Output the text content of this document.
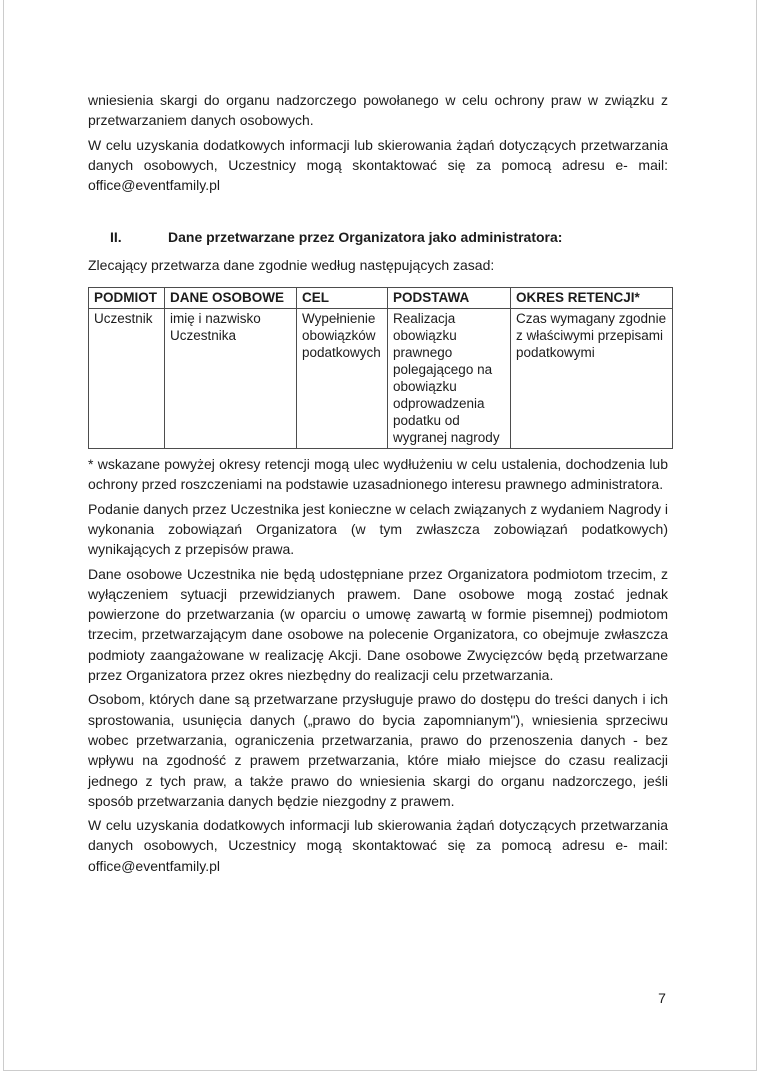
wniesienia skargi do organu nadzorczego powołanego w celu ochrony praw w związku z przetwarzaniem danych osobowych.

W celu uzyskania dodatkowych informacji lub skierowania żądań dotyczących przetwarzania danych osobowych, Uczestnicy mogą skontaktować się za pomocą adresu e- mail: office@eventfamily.pl

II.	Dane przetwarzane przez Organizatora jako administratora:

Zlecający przetwarza dane zgodnie według następujących zasad:

PODMIOT	DANE OSOBOWE	CEL	PODSTAWA	OKRES RETENCJI*
Uczestnik	imię i nazwisko Uczestnika	Wypełnienie obowiązków podatkowych	Realizacja obowiązku prawnego polegającego na obowiązku odprowadzenia podatku od wygranej nagrody	Czas wymagany zgodnie z właściwymi przepisami podatkowymi

* wskazane powyżej okresy retencji mogą ulec wydłużeniu w celu ustalenia, dochodzenia lub ochrony przed roszczeniami na podstawie uzasadnionego interesu prawnego administratora.

Podanie danych przez Uczestnika jest konieczne w celach związanych z wydaniem Nagrody i wykonania zobowiązań Organizatora (w tym zwłaszcza zobowiązań podatkowych) wynikających z przepisów prawa.

Dane osobowe Uczestnika nie będą udostępniane przez Organizatora podmiotom trzecim, z wyłączeniem sytuacji przewidzianych prawem. Dane osobowe mogą zostać jednak powierzone do przetwarzania (w oparciu o umowę zawartą w formie pisemnej) podmiotom trzecim, przetwarzającym dane osobowe na polecenie Organizatora, co obejmuje zwłaszcza podmioty zaangażowane w realizację Akcji. Dane osobowe Zwycięzców będą przetwarzane przez Organizatora przez okres niezbędny do realizacji celu przetwarzania.

Osobom, których dane są przetwarzane przysługuje prawo do dostępu do treści danych i ich sprostowania, usunięcia danych („prawo do bycia zapomnianym"), wniesienia sprzeciwu wobec przetwarzania, ograniczenia przetwarzania, prawo do przenoszenia danych - bez wpływu na zgodność z prawem przetwarzania, które miało miejsce do czasu realizacji jednego z tych praw, a także prawo do wniesienia skargi do organu nadzorczego, jeśli sposób przetwarzania danych będzie niezgodny z prawem.

W celu uzyskania dodatkowych informacji lub skierowania żądań dotyczących przetwarzania danych osobowych, Uczestnicy mogą skontaktować się za pomocą adresu e- mail: office@eventfamily.pl

7
